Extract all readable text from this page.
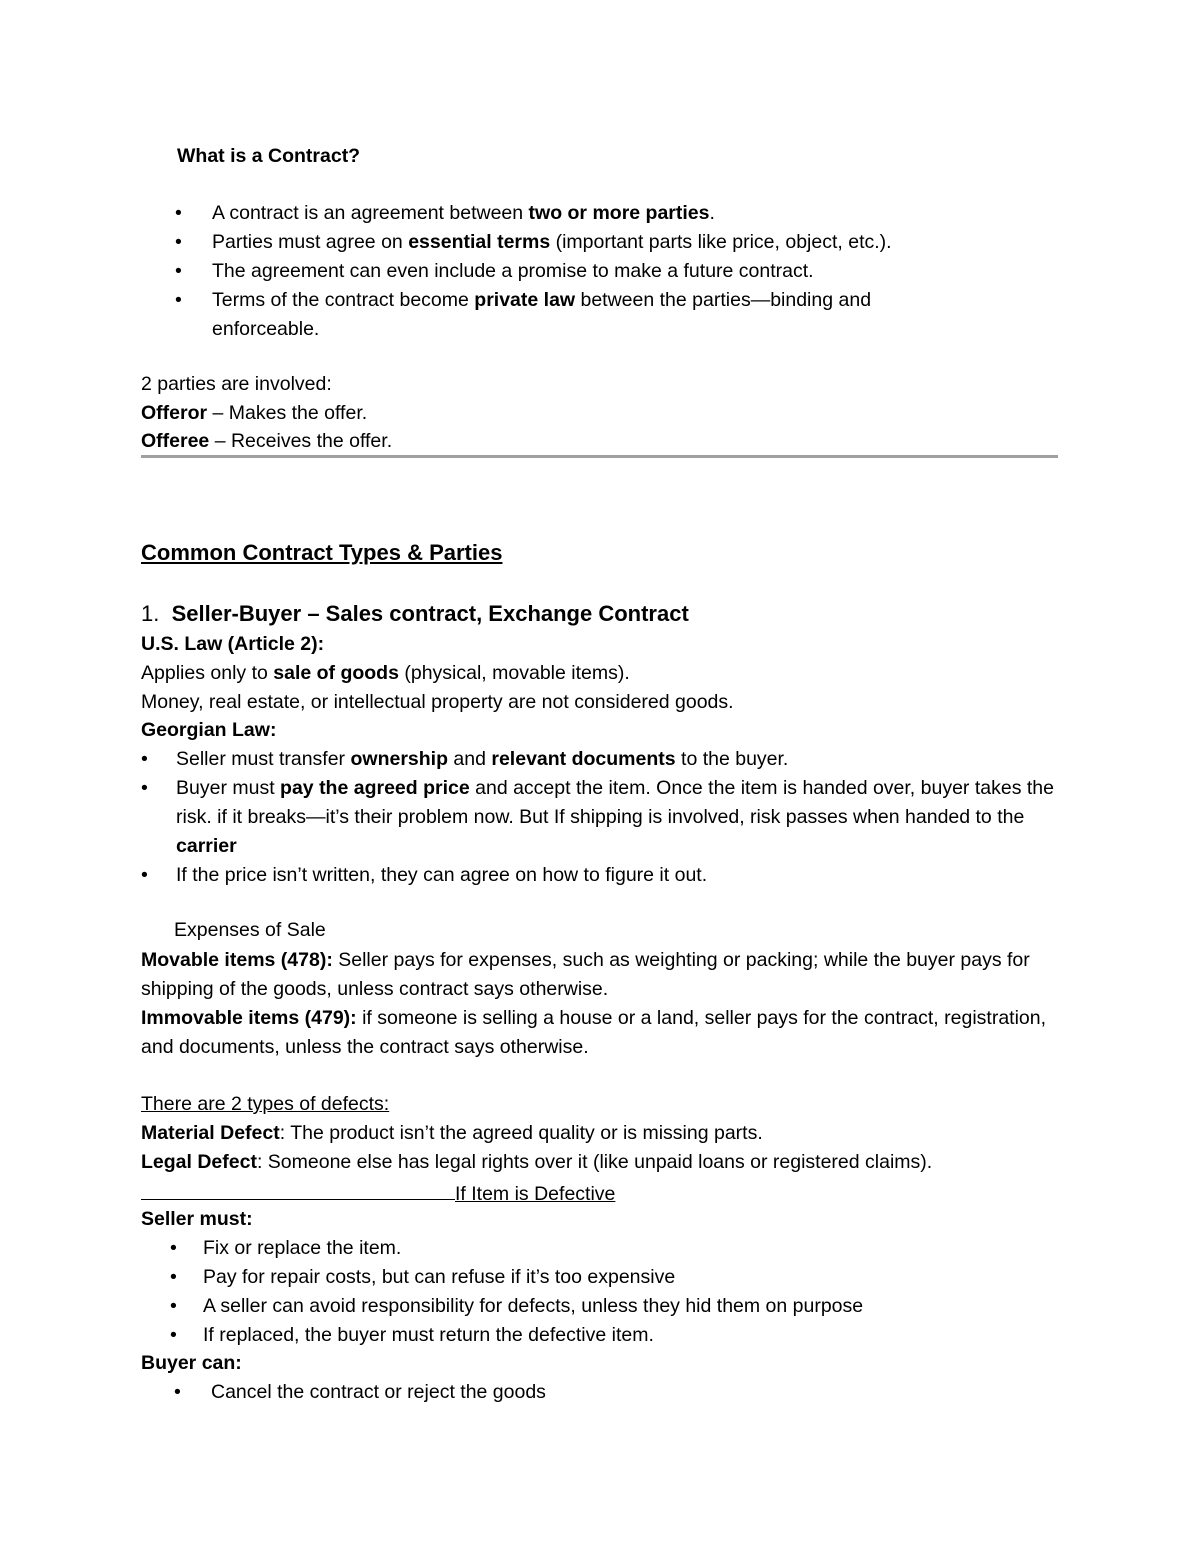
What is a Contract?
• A contract is an agreement between two or more parties.
• Parties must agree on essential terms (important parts like price, object, etc.).
• The agreement can even include a promise to make a future contract.
• Terms of the contract become private law between the parties—binding and enforceable.
2 parties are involved:
Offeror – Makes the offer.
Offeree – Receives the offer.
Common Contract Types & Parties
1. Seller-Buyer – Sales contract, Exchange Contract
U.S. Law (Article 2):
Applies only to sale of goods (physical, movable items).
Money, real estate, or intellectual property are not considered goods.
Georgian Law:
• Seller must transfer ownership and relevant documents to the buyer.
• Buyer must pay the agreed price and accept the item. Once the item is handed over, buyer takes the risk. if it breaks—it’s their problem now. But If shipping is involved, risk passes when handed to the carrier
• If the price isn’t written, they can agree on how to figure it out.
Expenses of Sale
Movable items (478): Seller pays for expenses, such as weighting or packing; while the buyer pays for shipping of the goods, unless contract says otherwise.
Immovable items (479): if someone is selling a house or a land, seller pays for the contract, registration, and documents, unless the contract says otherwise.
There are 2 types of defects:
Material Defect: The product isn’t the agreed quality or is missing parts.
Legal Defect: Someone else has legal rights over it (like unpaid loans or registered claims).
If Item is Defective
Seller must:
• Fix or replace the item.
• Pay for repair costs, but can refuse if it’s too expensive
• A seller can avoid responsibility for defects, unless they hid them on purpose
• If replaced, the buyer must return the defective item.
Buyer can:
• Cancel the contract or reject the goods
